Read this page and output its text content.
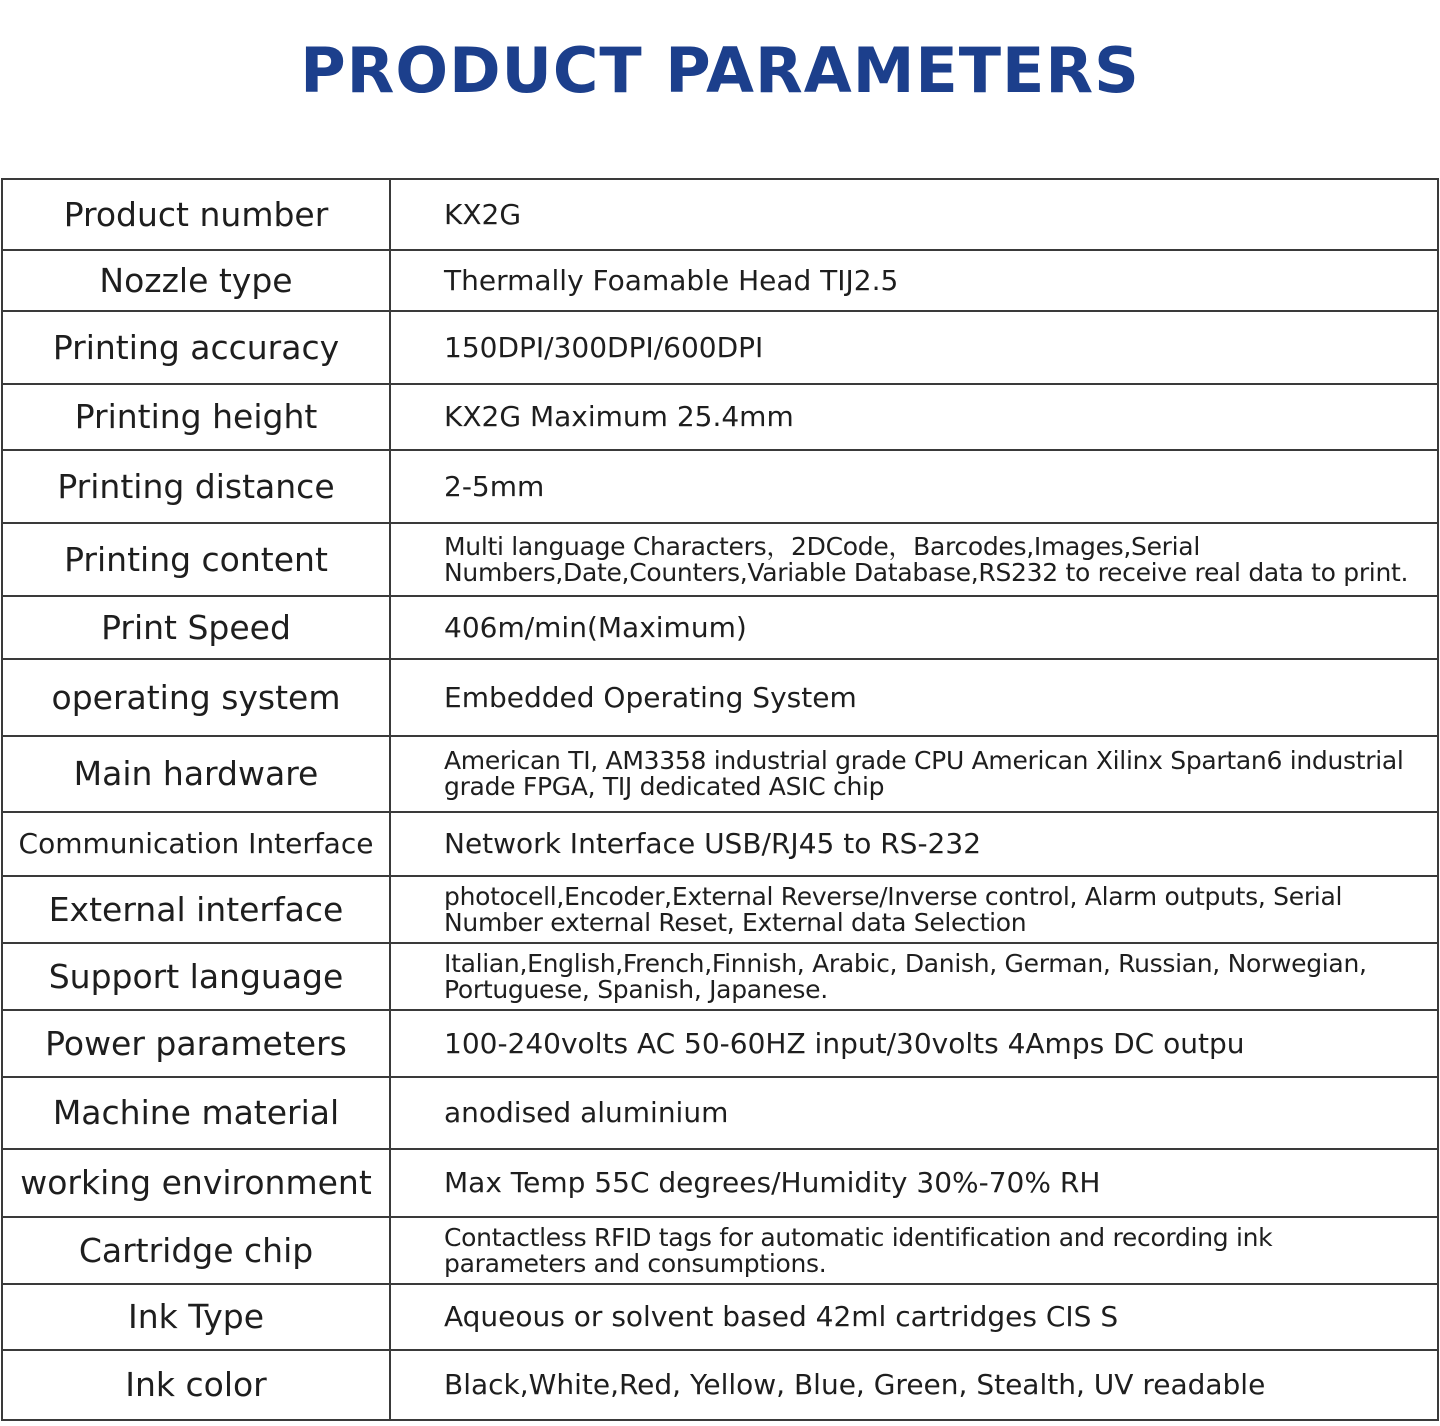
PRODUCT PARAMETERS
Product number	KX2G
Nozzle type	Thermally Foamable Head TIJ2.5
Printing accuracy	150DPI/300DPI/600DPI
Printing height	KX2G Maximum 25.4mm
Printing distance	2-5mm
Printing content	Multi language Characters，2DCode，Barcodes,Images,Serial Numbers,Date,Counters,Variable Database,RS232 to receive real data to print.
Print Speed	406m/min(Maximum)
operating system	Embedded Operating System
Main hardware	American TI, AM3358 industrial grade CPU American Xilinx Spartan6 industrial grade FPGA, TIJ dedicated ASIC chip
Communication Interface	Network Interface USB/RJ45 to RS-232
External interface	photocell,Encoder,External Reverse/Inverse control, Alarm outputs, Serial Number external Reset, External data Selection
Support language	Italian,English,French,Finnish, Arabic, Danish, German, Russian, Norwegian, Portuguese, Spanish, Japanese.
Power parameters	100-240volts AC 50-60HZ input/30volts 4Amps DC outpu
Machine material	anodised aluminium
working environment	Max Temp 55C degrees/Humidity 30%-70% RH
Cartridge chip	Contactless RFID tags for automatic identification and recording ink parameters and consumptions.
Ink Type	Aqueous or solvent based 42ml cartridges CIS S
Ink color	Black,White,Red, Yellow, Blue, Green, Stealth, UV readable
